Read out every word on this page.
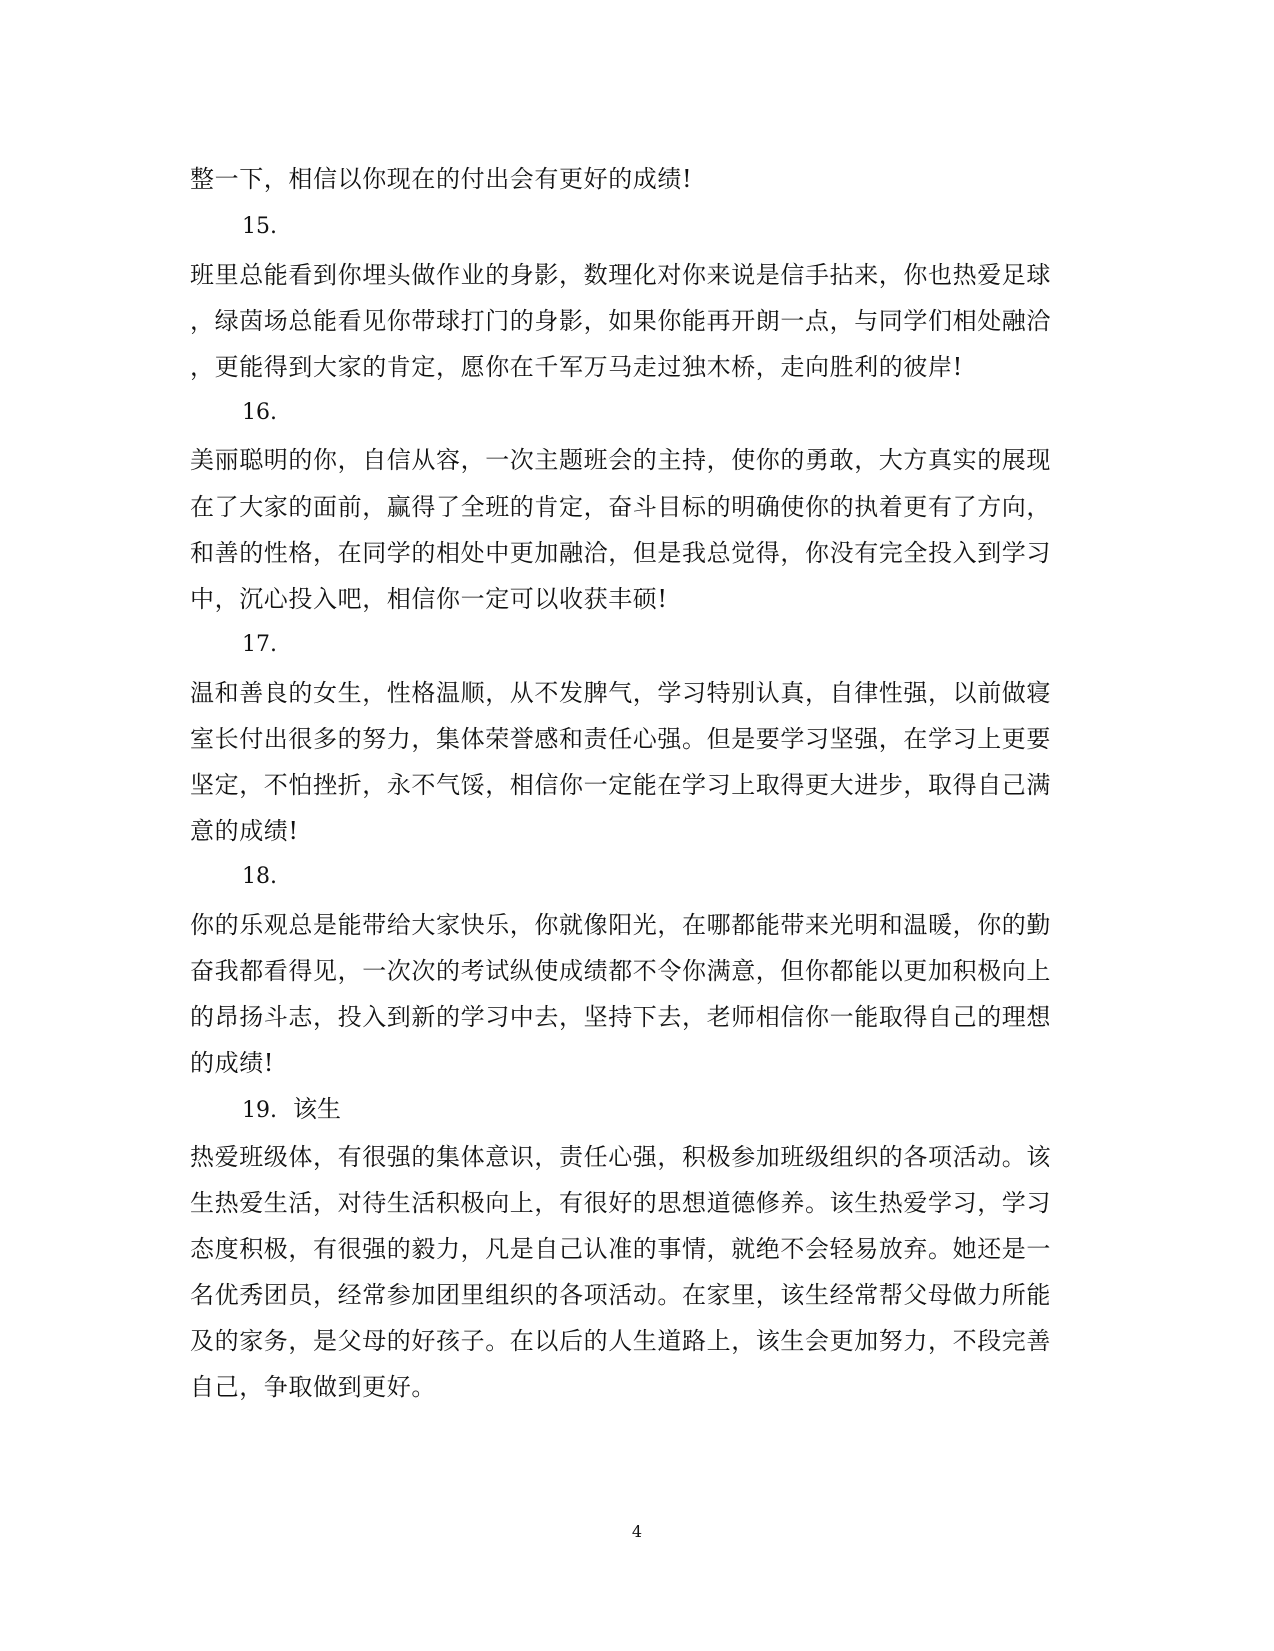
整一下，相信以你现在的付出会有更好的成绩!
15.
班里总能看到你埋头做作业的身影，数理化对你来说是信手拈来，你也热爱足球
，绿茵场总能看见你带球打门的身影，如果你能再开朗一点，与同学们相处融洽
，更能得到大家的肯定，愿你在千军万马走过独木桥，走向胜利的彼岸!
16.
美丽聪明的你，自信从容，一次主题班会的主持，使你的勇敢，大方真实的展现
在了大家的面前，赢得了全班的肯定，奋斗目标的明确使你的执着更有了方向，
和善的性格，在同学的相处中更加融洽，但是我总觉得，你没有完全投入到学习
中，沉心投入吧，相信你一定可以收获丰硕!
17.
温和善良的女生，性格温顺，从不发脾气，学习特别认真，自律性强，以前做寝
室长付出很多的努力，集体荣誉感和责任心强。但是要学习坚强，在学习上更要
坚定，不怕挫折，永不气馁，相信你一定能在学习上取得更大进步，取得自己满
意的成绩!
18.
你的乐观总是能带给大家快乐，你就像阳光，在哪都能带来光明和温暖，你的勤
奋我都看得见，一次次的考试纵使成绩都不令你满意，但你都能以更加积极向上
的昂扬斗志，投入到新的学习中去，坚持下去，老师相信你一能取得自己的理想
的成绩!
19. 该生
热爱班级体，有很强的集体意识，责任心强，积极参加班级组织的各项活动。该
生热爱生活，对待生活积极向上，有很好的思想道德修养。该生热爱学习，学习
态度积极，有很强的毅力，凡是自己认准的事情，就绝不会轻易放弃。她还是一
名优秀团员，经常参加团里组织的各项活动。在家里，该生经常帮父母做力所能
及的家务，是父母的好孩子。在以后的人生道路上，该生会更加努力，不段完善
自己，争取做到更好。
4
